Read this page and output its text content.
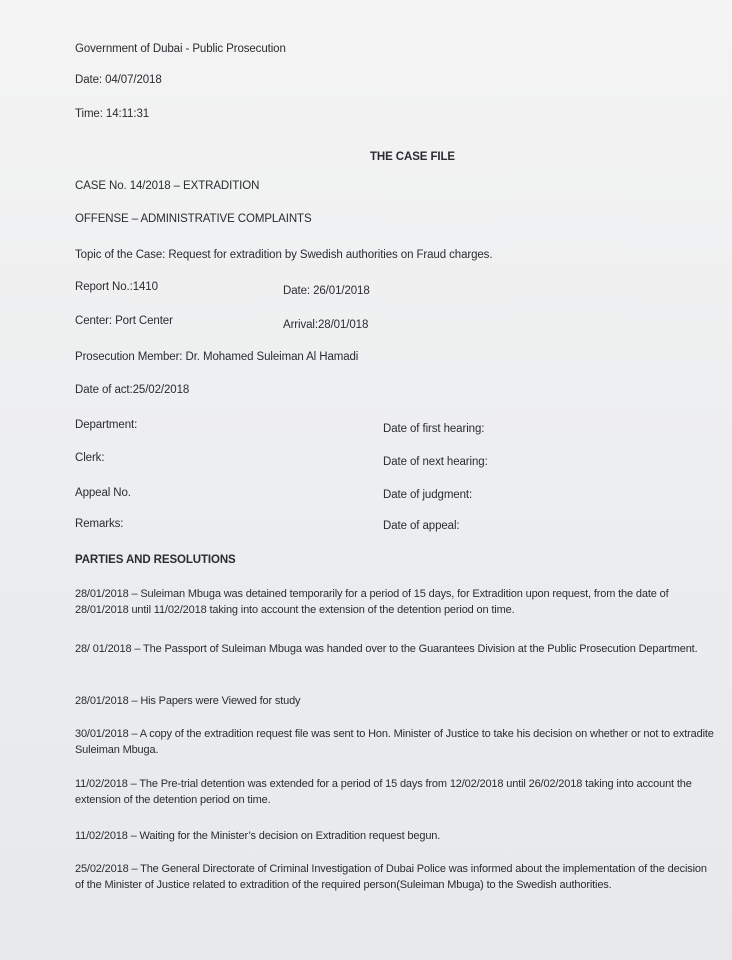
Government of Dubai - Public Prosecution
Date: 04/07/2018
Time: 14:11:31
THE CASE FILE
CASE No. 14/2018 – EXTRADITION
OFFENSE – ADMINISTRATIVE COMPLAINTS
Topic of the Case: Request for extradition by Swedish authorities on Fraud charges.
Report No.:1410	Date: 26/01/2018
Center: Port Center	Arrival:28/01/018
Prosecution Member: Dr. Mohamed Suleiman Al Hamadi
Date of act:25/02/2018
Department:	Date of first hearing:
Clerk:	Date of next hearing:
Appeal No.	Date of judgment:
Remarks:	Date of appeal:
PARTIES AND RESOLUTIONS
28/01/2018 – Suleiman Mbuga was detained temporarily for a period of 15 days, for Extradition upon request, from the date of 28/01/2018 until 11/02/2018 taking into account the extension of the detention period on time.
28/ 01/2018 – The Passport of Suleiman Mbuga was handed over to the Guarantees Division at the Public Prosecution Department.
28/01/2018 – His Papers were Viewed for study
30/01/2018 – A copy of the extradition request file was sent to Hon. Minister of Justice to take his decision on whether or not to extradite Suleiman Mbuga.
11/02/2018 – The Pre-trial detention was extended for a period of 15 days from 12/02/2018 until 26/02/2018 taking into account the extension of the detention period on time.
11/02/2018 – Waiting for the Minister’s decision on Extradition request begun.
25/02/2018 – The General Directorate of Criminal Investigation of Dubai Police was informed about the implementation of the decision of the Minister of Justice related to extradition of the required person(Suleiman Mbuga) to the Swedish authorities.
